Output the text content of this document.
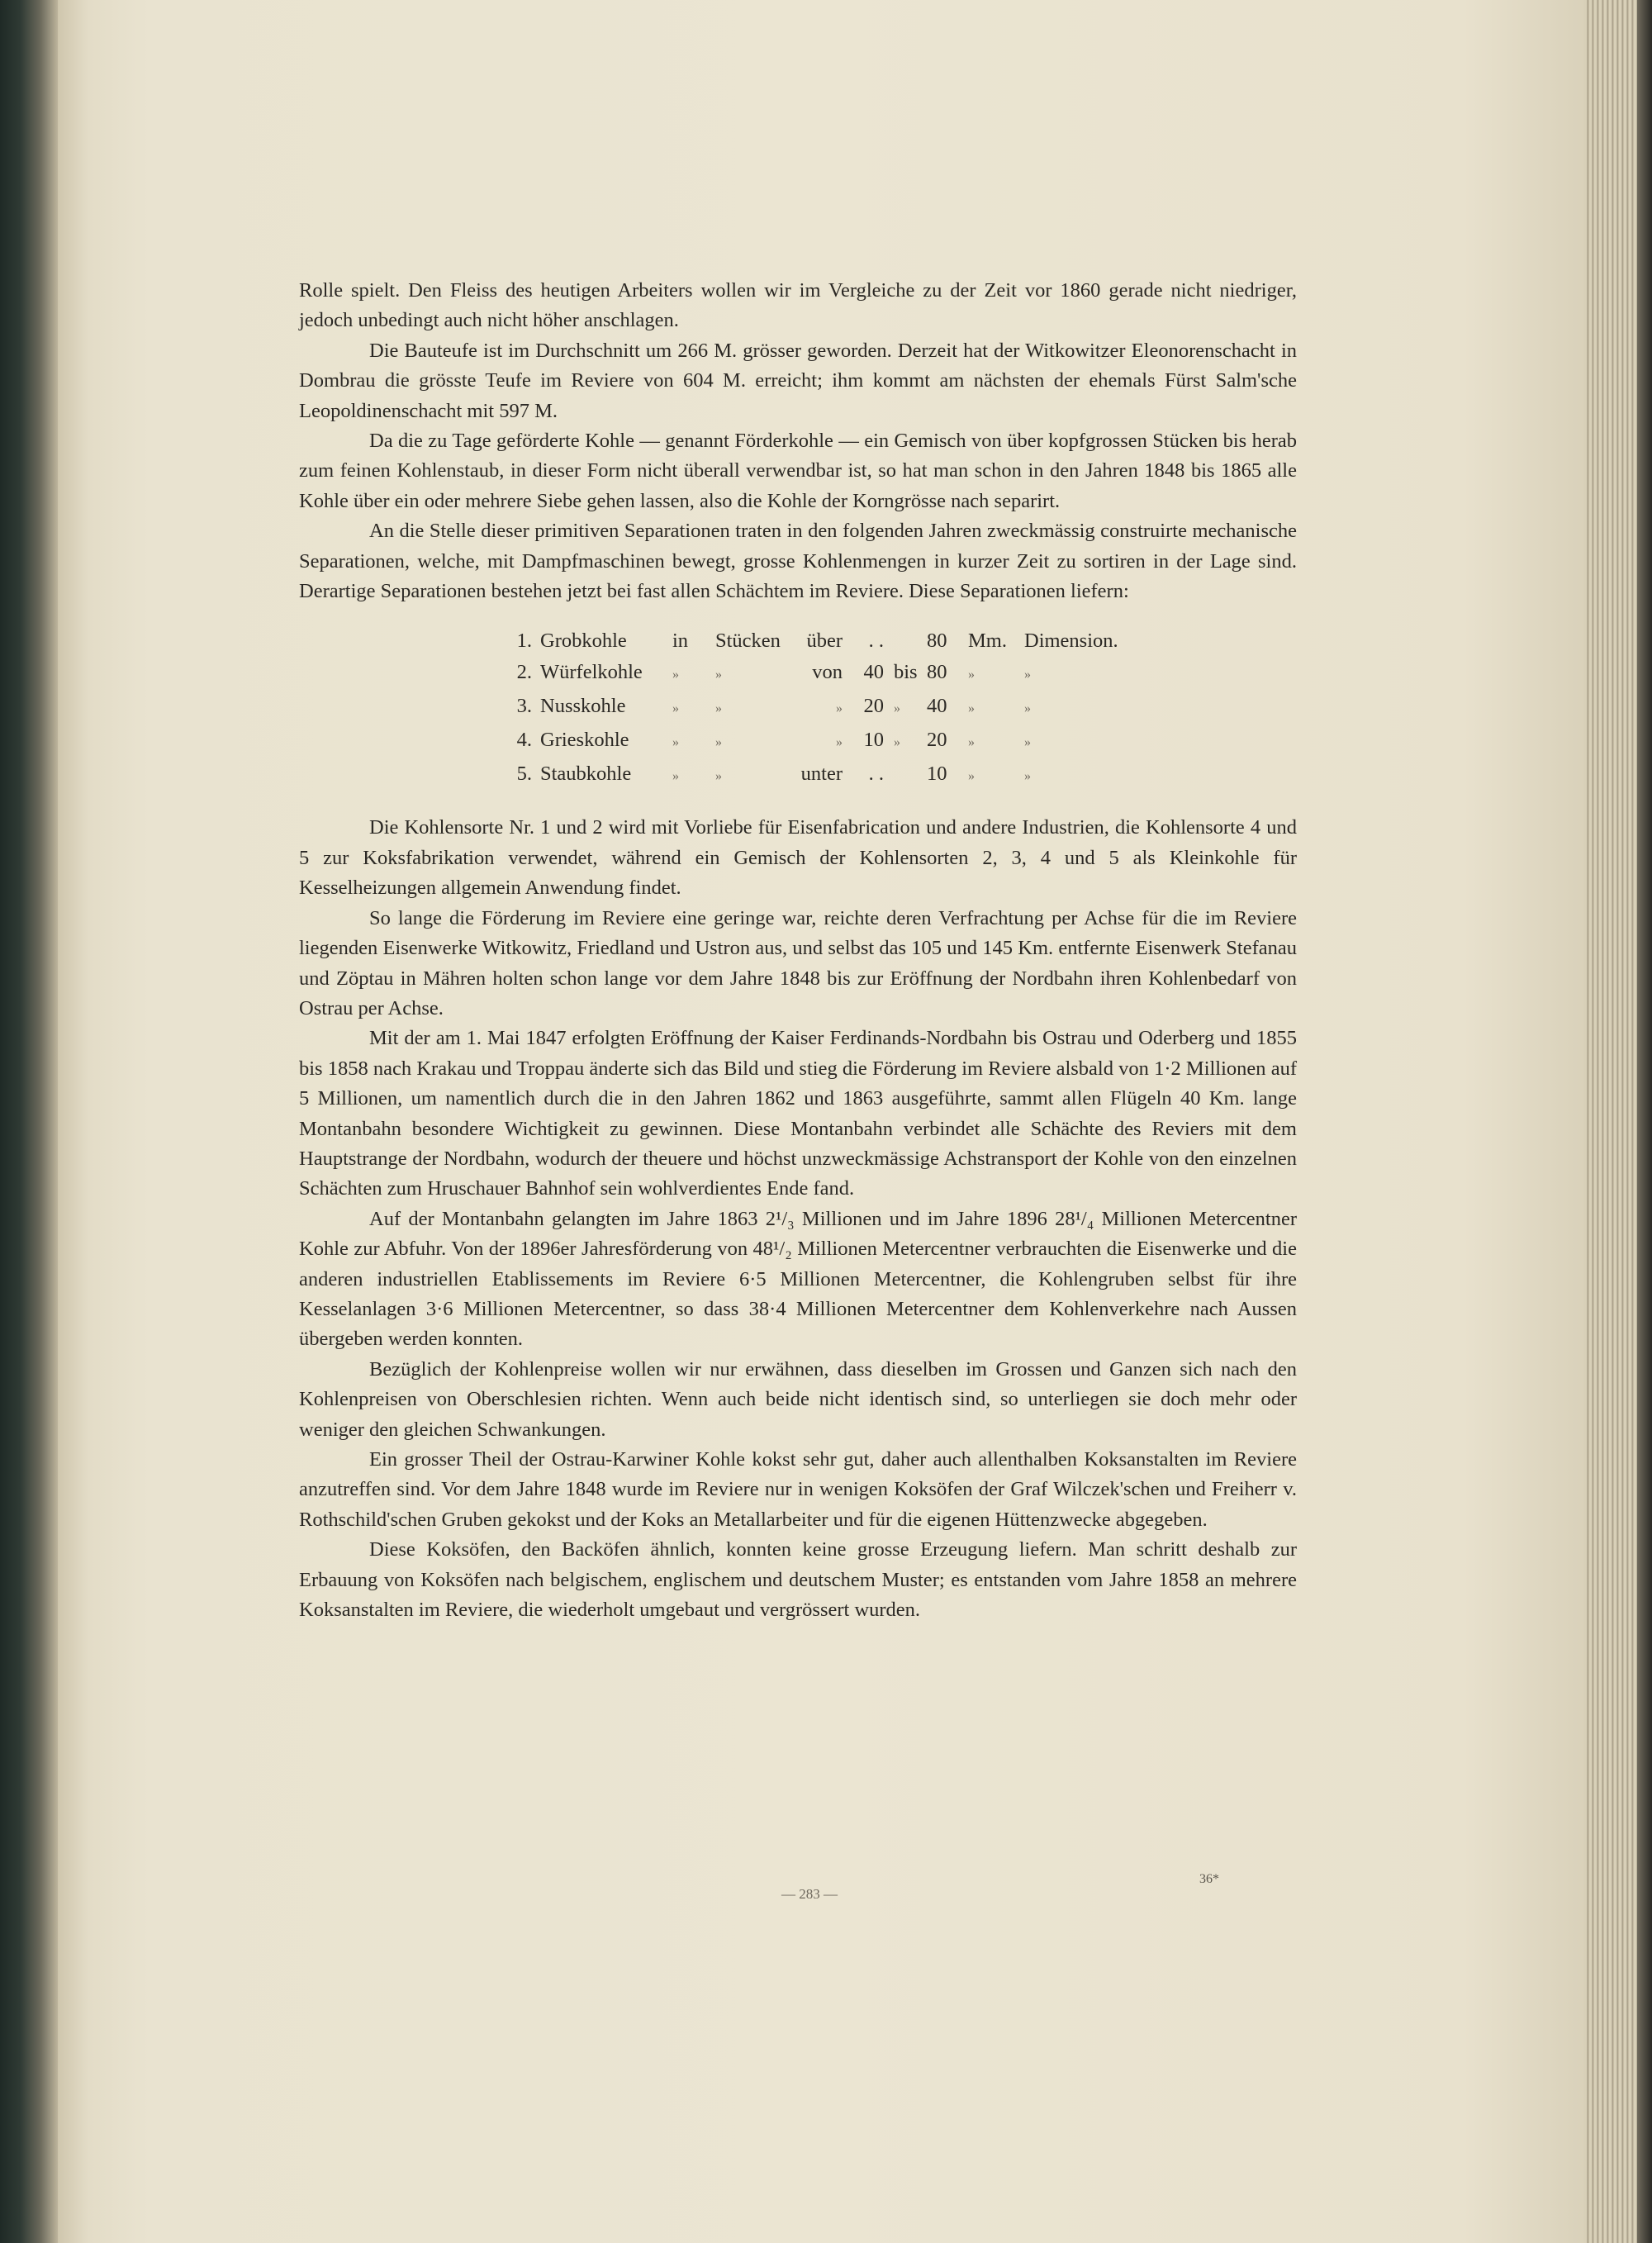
Rolle spielt. Den Fleiss des heutigen Arbeiters wollen wir im Vergleiche zu der Zeit vor 1860 gerade nicht niedriger, jedoch unbedingt auch nicht höher anschlagen.

Die Bauteufe ist im Durchschnitt um 266 M. grösser geworden. Derzeit hat der Witkowitzer Eleonorenschacht in Dombrau die grösste Teufe im Reviere von 604 M. erreicht; ihm kommt am nächsten der ehemals Fürst Salm'sche Leopoldinenschacht mit 597 M.

Da die zu Tage geförderte Kohle — genannt Förderkohle — ein Gemisch von über kopfgrossen Stücken bis herab zum feinen Kohlenstaub, in dieser Form nicht überall verwendbar ist, so hat man schon in den Jahren 1848 bis 1865 alle Kohle über ein oder mehrere Siebe gehen lassen, also die Kohle der Korngrösse nach separirt.

An die Stelle dieser primitiven Separationen traten in den folgenden Jahren zweckmässig construirte mechanische Separationen, welche, mit Dampfmaschinen bewegt, grosse Kohlenmengen in kurzer Zeit zu sortiren in der Lage sind. Derartige Separationen bestehen jetzt bei fast allen Schächtem im Reviere. Diese Separationen liefern:

1.	Grobkohle	in	Stücken	über	. .		80	Mm.	Dimension.
2.	Würfelkohle	»	»	von	40	bis	80	»	»
3.	Nusskohle	»	»	»	20	»	40	»	»
4.	Grieskohle	»	»	»	10	»	20	»	»
5.	Staubkohle	»	»	unter	. .		10	»	»

Die Kohlensorte Nr. 1 und 2 wird mit Vorliebe für Eisenfabrication und andere Industrien, die Kohlensorte 4 und 5 zur Koksfabrikation verwendet, während ein Gemisch der Kohlensorten 2, 3, 4 und 5 als Kleinkohle für Kesselheizungen allgemein Anwendung findet.

So lange die Förderung im Reviere eine geringe war, reichte deren Verfrachtung per Achse für die im Reviere liegenden Eisenwerke Witkowitz, Friedland und Ustron aus, und selbst das 105 und 145 Km. entfernte Eisenwerk Stefanau und Zöptau in Mähren holten schon lange vor dem Jahre 1848 bis zur Eröffnung der Nordbahn ihren Kohlenbedarf von Ostrau per Achse.

Mit der am 1. Mai 1847 erfolgten Eröffnung der Kaiser Ferdinands-Nordbahn bis Ostrau und Oderberg und 1855 bis 1858 nach Krakau und Troppau änderte sich das Bild und stieg die Förderung im Reviere alsbald von 1·2 Millionen auf 5 Millionen, um namentlich durch die in den Jahren 1862 und 1863 ausgeführte, sammt allen Flügeln 40 Km. lange Montanbahn besondere Wichtigkeit zu gewinnen. Diese Montanbahn verbindet alle Schächte des Reviers mit dem Hauptstrange der Nordbahn, wodurch der theuere und höchst unzweckmässige Achstransport der Kohle von den einzelnen Schächten zum Hruschauer Bahnhof sein wohlverdientes Ende fand.

Auf der Montanbahn gelangten im Jahre 1863 2¹/₃ Millionen und im Jahre 1896 28¹/₄ Millionen Metercentner Kohle zur Abfuhr. Von der 1896er Jahresförderung von 48¹/₂ Millionen Metercentner verbrauchten die Eisenwerke und die anderen industriellen Etablissements im Reviere 6·5 Millionen Metercentner, die Kohlengruben selbst für ihre Kesselanlagen 3·6 Millionen Metercentner, so dass 38·4 Millionen Metercentner dem Kohlenverkehre nach Aussen übergeben werden konnten.

Bezüglich der Kohlenpreise wollen wir nur erwähnen, dass dieselben im Grossen und Ganzen sich nach den Kohlenpreisen von Oberschlesien richten. Wenn auch beide nicht identisch sind, so unterliegen sie doch mehr oder weniger den gleichen Schwankungen.

Ein grosser Theil der Ostrau-Karwiner Kohle kokst sehr gut, daher auch allenthalben Koksanstalten im Reviere anzutreffen sind. Vor dem Jahre 1848 wurde im Reviere nur in wenigen Koksöfen der Graf Wilczek'schen und Freiherr v. Rothschild'schen Gruben gekokst und der Koks an Metallarbeiter und für die eigenen Hüttenzwecke abgegeben.

Diese Koksöfen, den Backöfen ähnlich, konnten keine grosse Erzeugung liefern. Man schritt deshalb zur Erbauung von Koksöfen nach belgischem, englischem und deutschem Muster; es entstanden vom Jahre 1858 an mehrere Koksanstalten im Reviere, die wiederholt umgebaut und vergrössert wurden.

36*
— 283 —
